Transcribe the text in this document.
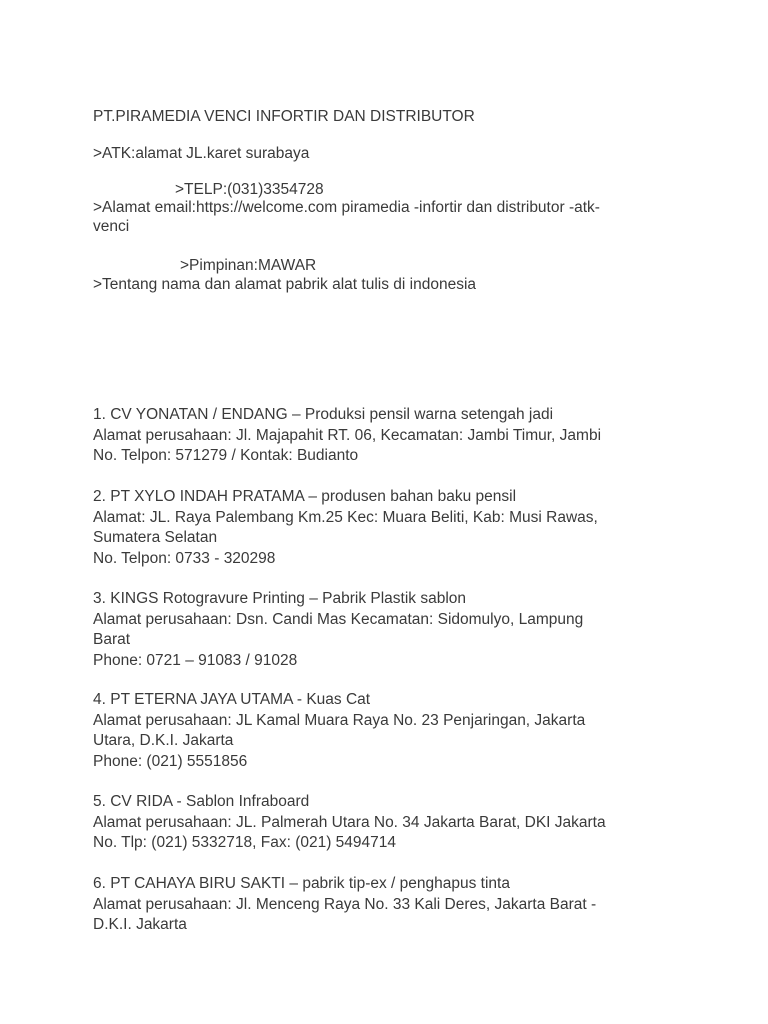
PT.PIRAMEDIA VENCI INFORTIR DAN DISTRIBUTOR
>ATK:alamat JL.karet surabaya
>TELP:(031)3354728
>Alamat email:https://welcome.com piramedia -infortir dan distributor -atk-
venci
>Pimpinan:MAWAR
>Tentang nama dan alamat pabrik alat tulis di indonesia
1. CV YONATAN / ENDANG – Produksi pensil warna setengah jadi
Alamat perusahaan: Jl. Majapahit RT. 06, Kecamatan: Jambi Timur, Jambi
No. Telpon: 571279 / Kontak: Budianto
2. PT XYLO INDAH PRATAMA – produsen bahan baku pensil
Alamat: JL. Raya Palembang Km.25 Kec: Muara Beliti, Kab: Musi Rawas,
Sumatera Selatan
No. Telpon: 0733 - 320298
3. KINGS Rotogravure Printing – Pabrik Plastik sablon
Alamat perusahaan: Dsn. Candi Mas Kecamatan: Sidomulyo, Lampung
Barat
Phone: 0721 – 91083 / 91028
4. PT ETERNA JAYA UTAMA - Kuas Cat
Alamat perusahaan: JL Kamal Muara Raya No. 23 Penjaringan, Jakarta
Utara, D.K.I. Jakarta
Phone: (021) 5551856
5. CV RIDA - Sablon Infraboard
Alamat perusahaan: JL. Palmerah Utara No. 34 Jakarta Barat, DKI Jakarta
No. Tlp: (021) 5332718, Fax: (021) 5494714
6. PT CAHAYA BIRU SAKTI – pabrik tip-ex / penghapus tinta
Alamat perusahaan: Jl. Menceng Raya No. 33 Kali Deres, Jakarta Barat -
D.K.I. Jakarta
